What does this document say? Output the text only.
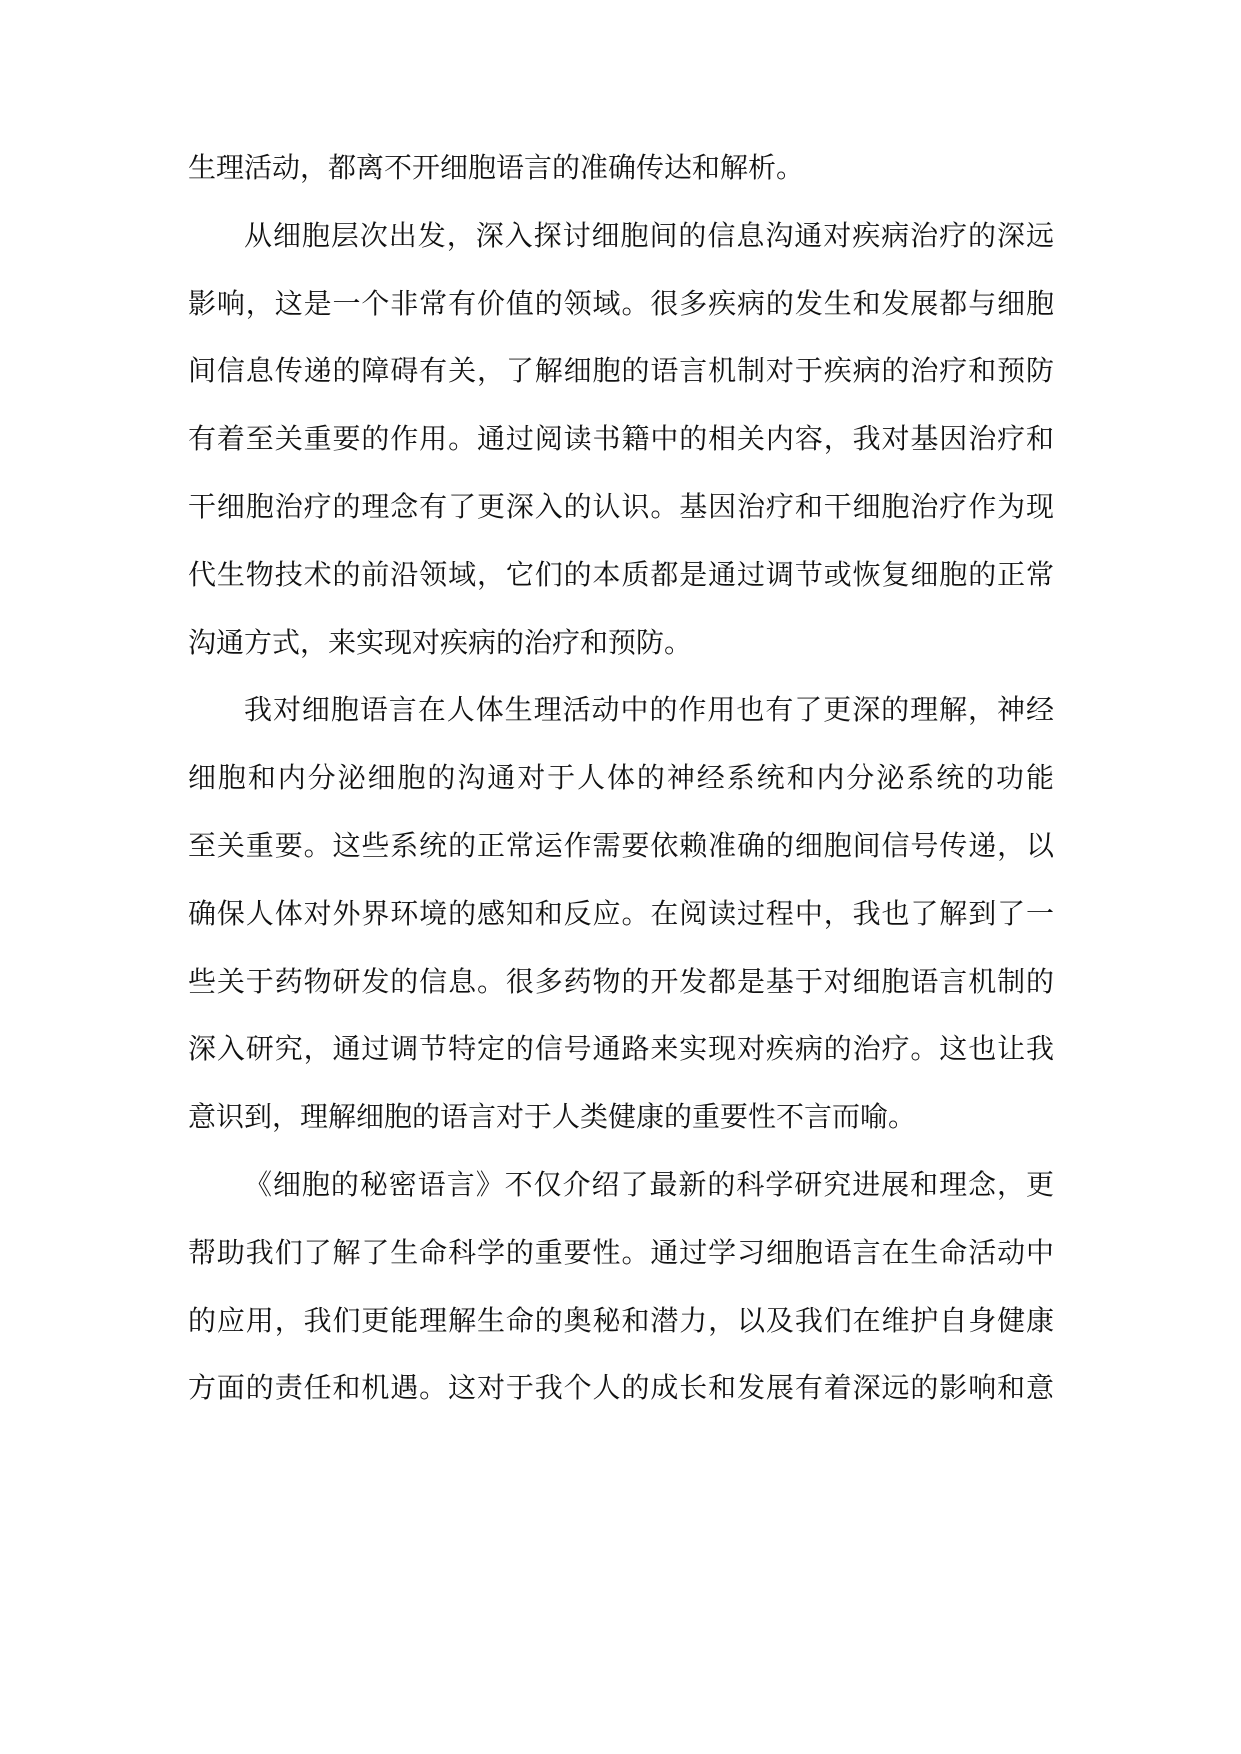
生理活动，都离不开细胞语言的准确传达和解析。
从细胞层次出发，深入探讨细胞间的信息沟通对疾病治疗的深远
影响，这是一个非常有价值的领域。很多疾病的发生和发展都与细胞
间信息传递的障碍有关，了解细胞的语言机制对于疾病的治疗和预防
有着至关重要的作用。通过阅读书籍中的相关内容，我对基因治疗和
干细胞治疗的理念有了更深入的认识。基因治疗和干细胞治疗作为现
代生物技术的前沿领域，它们的本质都是通过调节或恢复细胞的正常
沟通方式，来实现对疾病的治疗和预防。
我对细胞语言在人体生理活动中的作用也有了更深的理解，神经
细胞和内分泌细胞的沟通对于人体的神经系统和内分泌系统的功能
至关重要。这些系统的正常运作需要依赖准确的细胞间信号传递，以
确保人体对外界环境的感知和反应。在阅读过程中，我也了解到了一
些关于药物研发的信息。很多药物的开发都是基于对细胞语言机制的
深入研究，通过调节特定的信号通路来实现对疾病的治疗。这也让我
意识到，理解细胞的语言对于人类健康的重要性不言而喻。
《细胞的秘密语言》不仅介绍了最新的科学研究进展和理念，更
帮助我们了解了生命科学的重要性。通过学习细胞语言在生命活动中
的应用，我们更能理解生命的奥秘和潜力，以及我们在维护自身健康
方面的责任和机遇。这对于我个人的成长和发展有着深远的影响和意
